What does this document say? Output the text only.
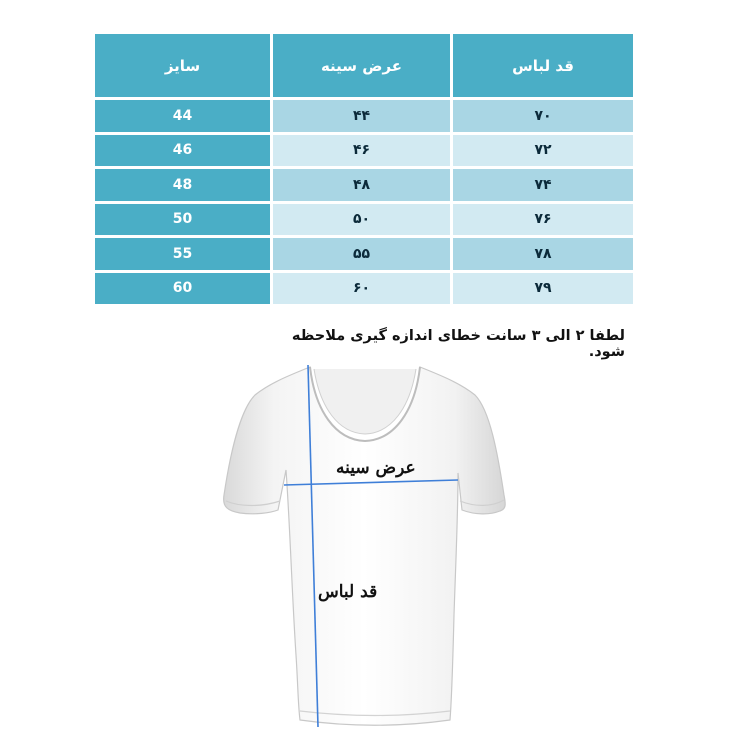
سایز	عرض سینه	قد لباس
44	۴۴	۷۰
46	۴۶	۷۲
48	۴۸	۷۴
50	۵۰	۷۶
55	۵۵	۷۸
60	۶۰	۷۹
لطفا ۲ الی ۳ سانت خطای اندازه گیری ملاحظه شود.
عرض سینه
قد لباس
